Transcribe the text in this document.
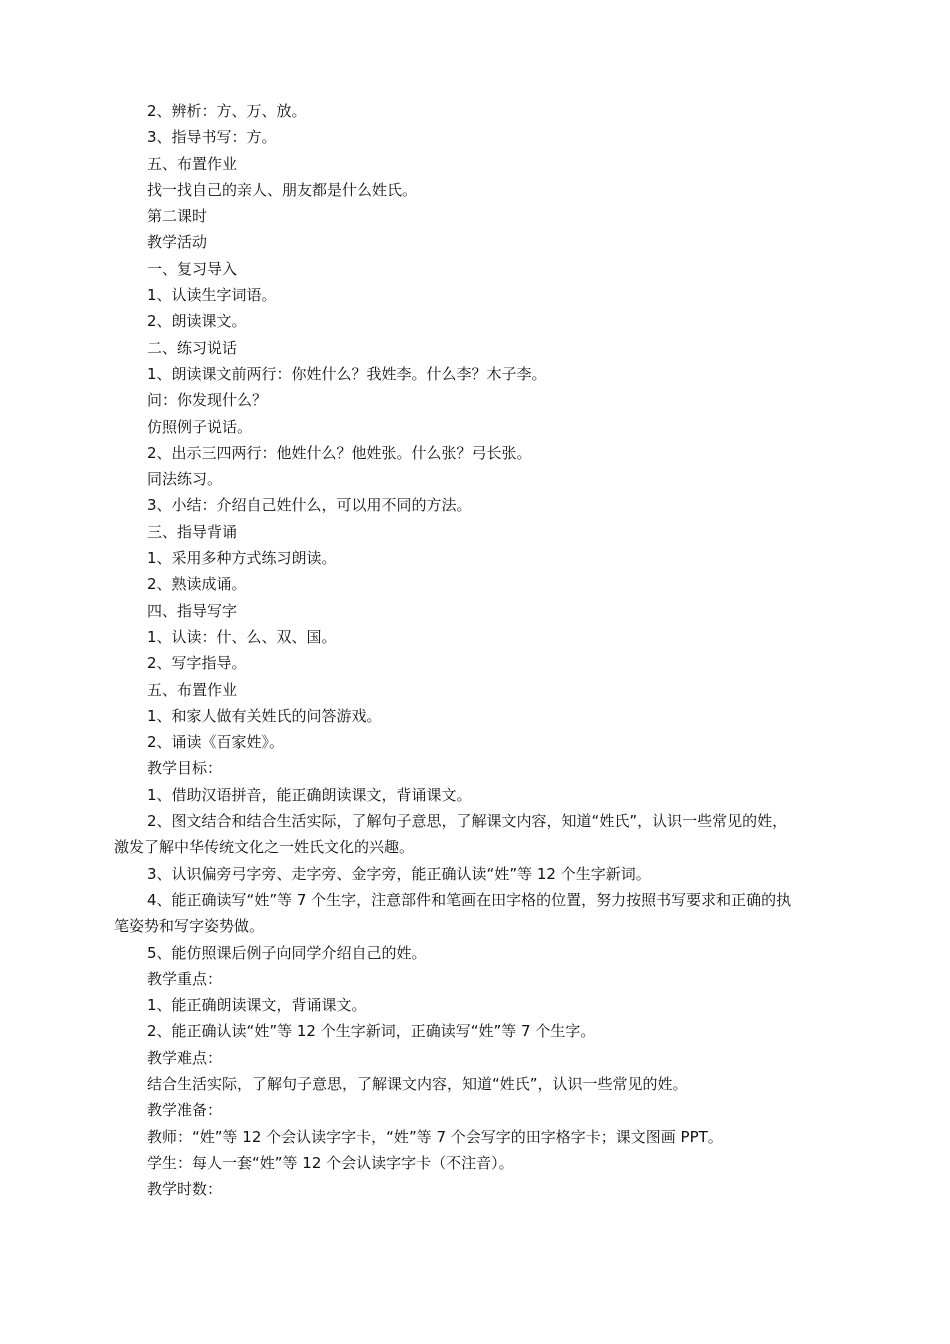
2、辨析：方、万、放。

3、指导书写：方。

五、布置作业

找一找自己的亲人、朋友都是什么姓氏。

第二课时

教学活动

一、复习导入

1、认读生字词语。

2、朗读课文。

二、练习说话

1、朗读课文前两行：你姓什么？我姓李。什么李？木子李。

问：你发现什么？

仿照例子说话。

2、出示三四两行：他姓什么？他姓张。什么张？弓长张。

同法练习。

3、小结：介绍自己姓什么，可以用不同的方法。

三、指导背诵

1、采用多种方式练习朗读。

2、熟读成诵。

四、指导写字

1、认读：什、么、双、国。

2、写字指导。

五、布置作业

1、和家人做有关姓氏的问答游戏。

2、诵读《百家姓》。

教学目标：

1、借助汉语拼音，能正确朗读课文，背诵课文。

2、图文结合和结合生活实际，了解句子意思，了解课文内容，知道“姓氏”，认识一些常见的姓，

激发了解中华传统文化之一姓氏文化的兴趣。

3、认识偏旁弓字旁、走字旁、金字旁，能正确认读“姓”等 12 个生字新词。

4、能正确读写“姓”等 7 个生字，注意部件和笔画在田字格的位置，努力按照书写要求和正确的执

笔姿势和写字姿势做。

5、能仿照课后例子向同学介绍自己的姓。

教学重点：

1、能正确朗读课文，背诵课文。

2、能正确认读“姓”等 12 个生字新词，正确读写“姓”等 7 个生字。

教学难点：

结合生活实际，了解句子意思，了解课文内容，知道“姓氏”，认识一些常见的姓。

教学准备：

教师：“姓”等 12 个会认读字字卡，“姓”等 7 个会写字的田字格字卡；课文图画 PPT。

学生：每人一套“姓”等 12 个会认读字字卡（不注音）。

教学时数：
